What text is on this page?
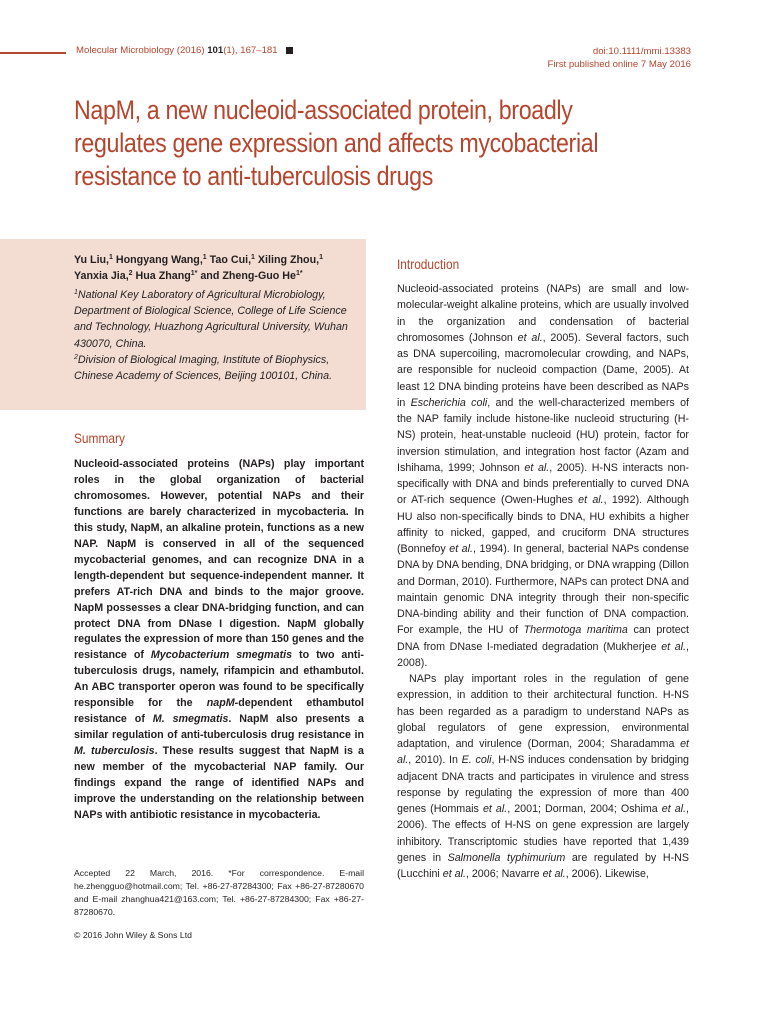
Molecular Microbiology (2016) 101(1), 167–181	doi:10.1111/mmi.13383
First published online 7 May 2016
NapM, a new nucleoid-associated protein, broadly
regulates gene expression and affects mycobacterial
resistance to anti-tuberculosis drugs
Yu Liu,$^1$ Hongyang Wang,$^1$ Tao Cui,$^1$ Xiling Zhou,$^1$
Yanxia Jia,$^2$ Hua Zhang$^{1*}$ and Zheng-Guo $He^{1*}$

$^1$National Key Laboratory of Agricultural Microbiology, Department of Biological Science, College of Life Science and Technology, Huazhong Agricultural University, Wuhan 430070, China.

$^2$Division of Biological Imaging, Institute of Biophysics, Chinese Academy of Sciences, Beijing 100101, China.

Summary
Nucleoid-associated proteins (NAPs) play important roles in the global organization of bacterial chromosomes. However, potential NAPs and their functions are barely characterized in mycobacteria. In this study, NapM, an alkaline protein, functions as a new NAP. NapM is conserved in all of the sequenced mycobacterial genomes, and can recognize DNA in a length-dependent but sequence-independent manner. It prefers AT-rich DNA and binds to the major groove. NapM possesses a clear DNA-bridging function, and can protect DNA from DNase I digestion. NapM globally regulates the expression of more than 150 genes and the resistance of Mycobacterium smegmatis to two anti-tuberculosis drugs, namely, rifampicin and ethambutol. An ABC transporter operon was found to be specifically responsible for the napM-dependent ethambutol resistance of M. smegmatis. NapM also presents a similar regulation of anti-tuberculosis drug resistance in M. tuberculosis. These results suggest that NapM is a new member of the mycobacterial NAP family. Our findings expand the range of identified NAPs and improve the understanding on the relationship between NAPs with antibiotic resistance in mycobacteria.
Accepted 22 March, 2016. *For correspondence. E-mail he.zhengguo@hotmail.com; Tel. +86-27-87284300; Fax +86-27-87280670 and E-mail zhanghua421@163.com; Tel. +86-27-87284300; Fax +86-27-87280670.
© 2016 John Wiley & Sons Ltd
Introduction

Nucleoid-associated proteins (NAPs) are small and low-molecular-weight alkaline proteins, which are usually involved in the organization and condensation of bacterial chromosomes (Johnson et al., 2005). Several factors, such as DNA supercoiling, macromolecular crowding, and NAPs, are responsible for nucleoid compaction (Dame, 2005). At least 12 DNA binding proteins have been described as NAPs in Escherichia coli, and the well-characterized members of the NAP family include histone-like nucleoid structuring (H-NS) protein, heat-unstable nucleoid (HU) protein, factor for inversion stimulation, and integration host factor (Azam and Ishihama, 1999; Johnson et al., 2005). H-NS interacts non-specifically with DNA and binds preferentially to curved DNA or AT-rich sequence (Owen-Hughes et al., 1992). Although HU also non-specifically binds to DNA, HU exhibits a higher affinity to nicked, gapped, and cruciform DNA structures (Bonnefoy et al., 1994). In general, bacterial NAPs condense DNA by DNA bending, DNA bridging, or DNA wrapping (Dillon and Dorman, 2010). Furthermore, NAPs can protect DNA and maintain genomic DNA integrity through their non-specific DNA-binding ability and their function of DNA compaction. For example, the HU of Thermotoga maritima can protect DNA from DNase I-mediated degradation (Mukherjee et al., 2008).

NAPs play important roles in the regulation of gene expression, in addition to their architectural function. H-NS has been regarded as a paradigm to understand NAPs as global regulators of gene expression, environmental adaptation, and virulence (Dorman, 2004; Sharadamma et al., 2010). In E. coli, H-NS induces condensation by bridging adjacent DNA tracts and participates in virulence and stress response by regulating the expression of more than 400 genes (Hommais et al., 2001; Dorman, 2004; Oshima et al., 2006). The effects of H-NS on gene expression are largely inhibitory. Transcriptomic studies have reported that 1,439 genes in Salmonella typhimurium are regulated by H-NS (Lucchini et al., 2006; Navarre et al., 2006). Likewise,
